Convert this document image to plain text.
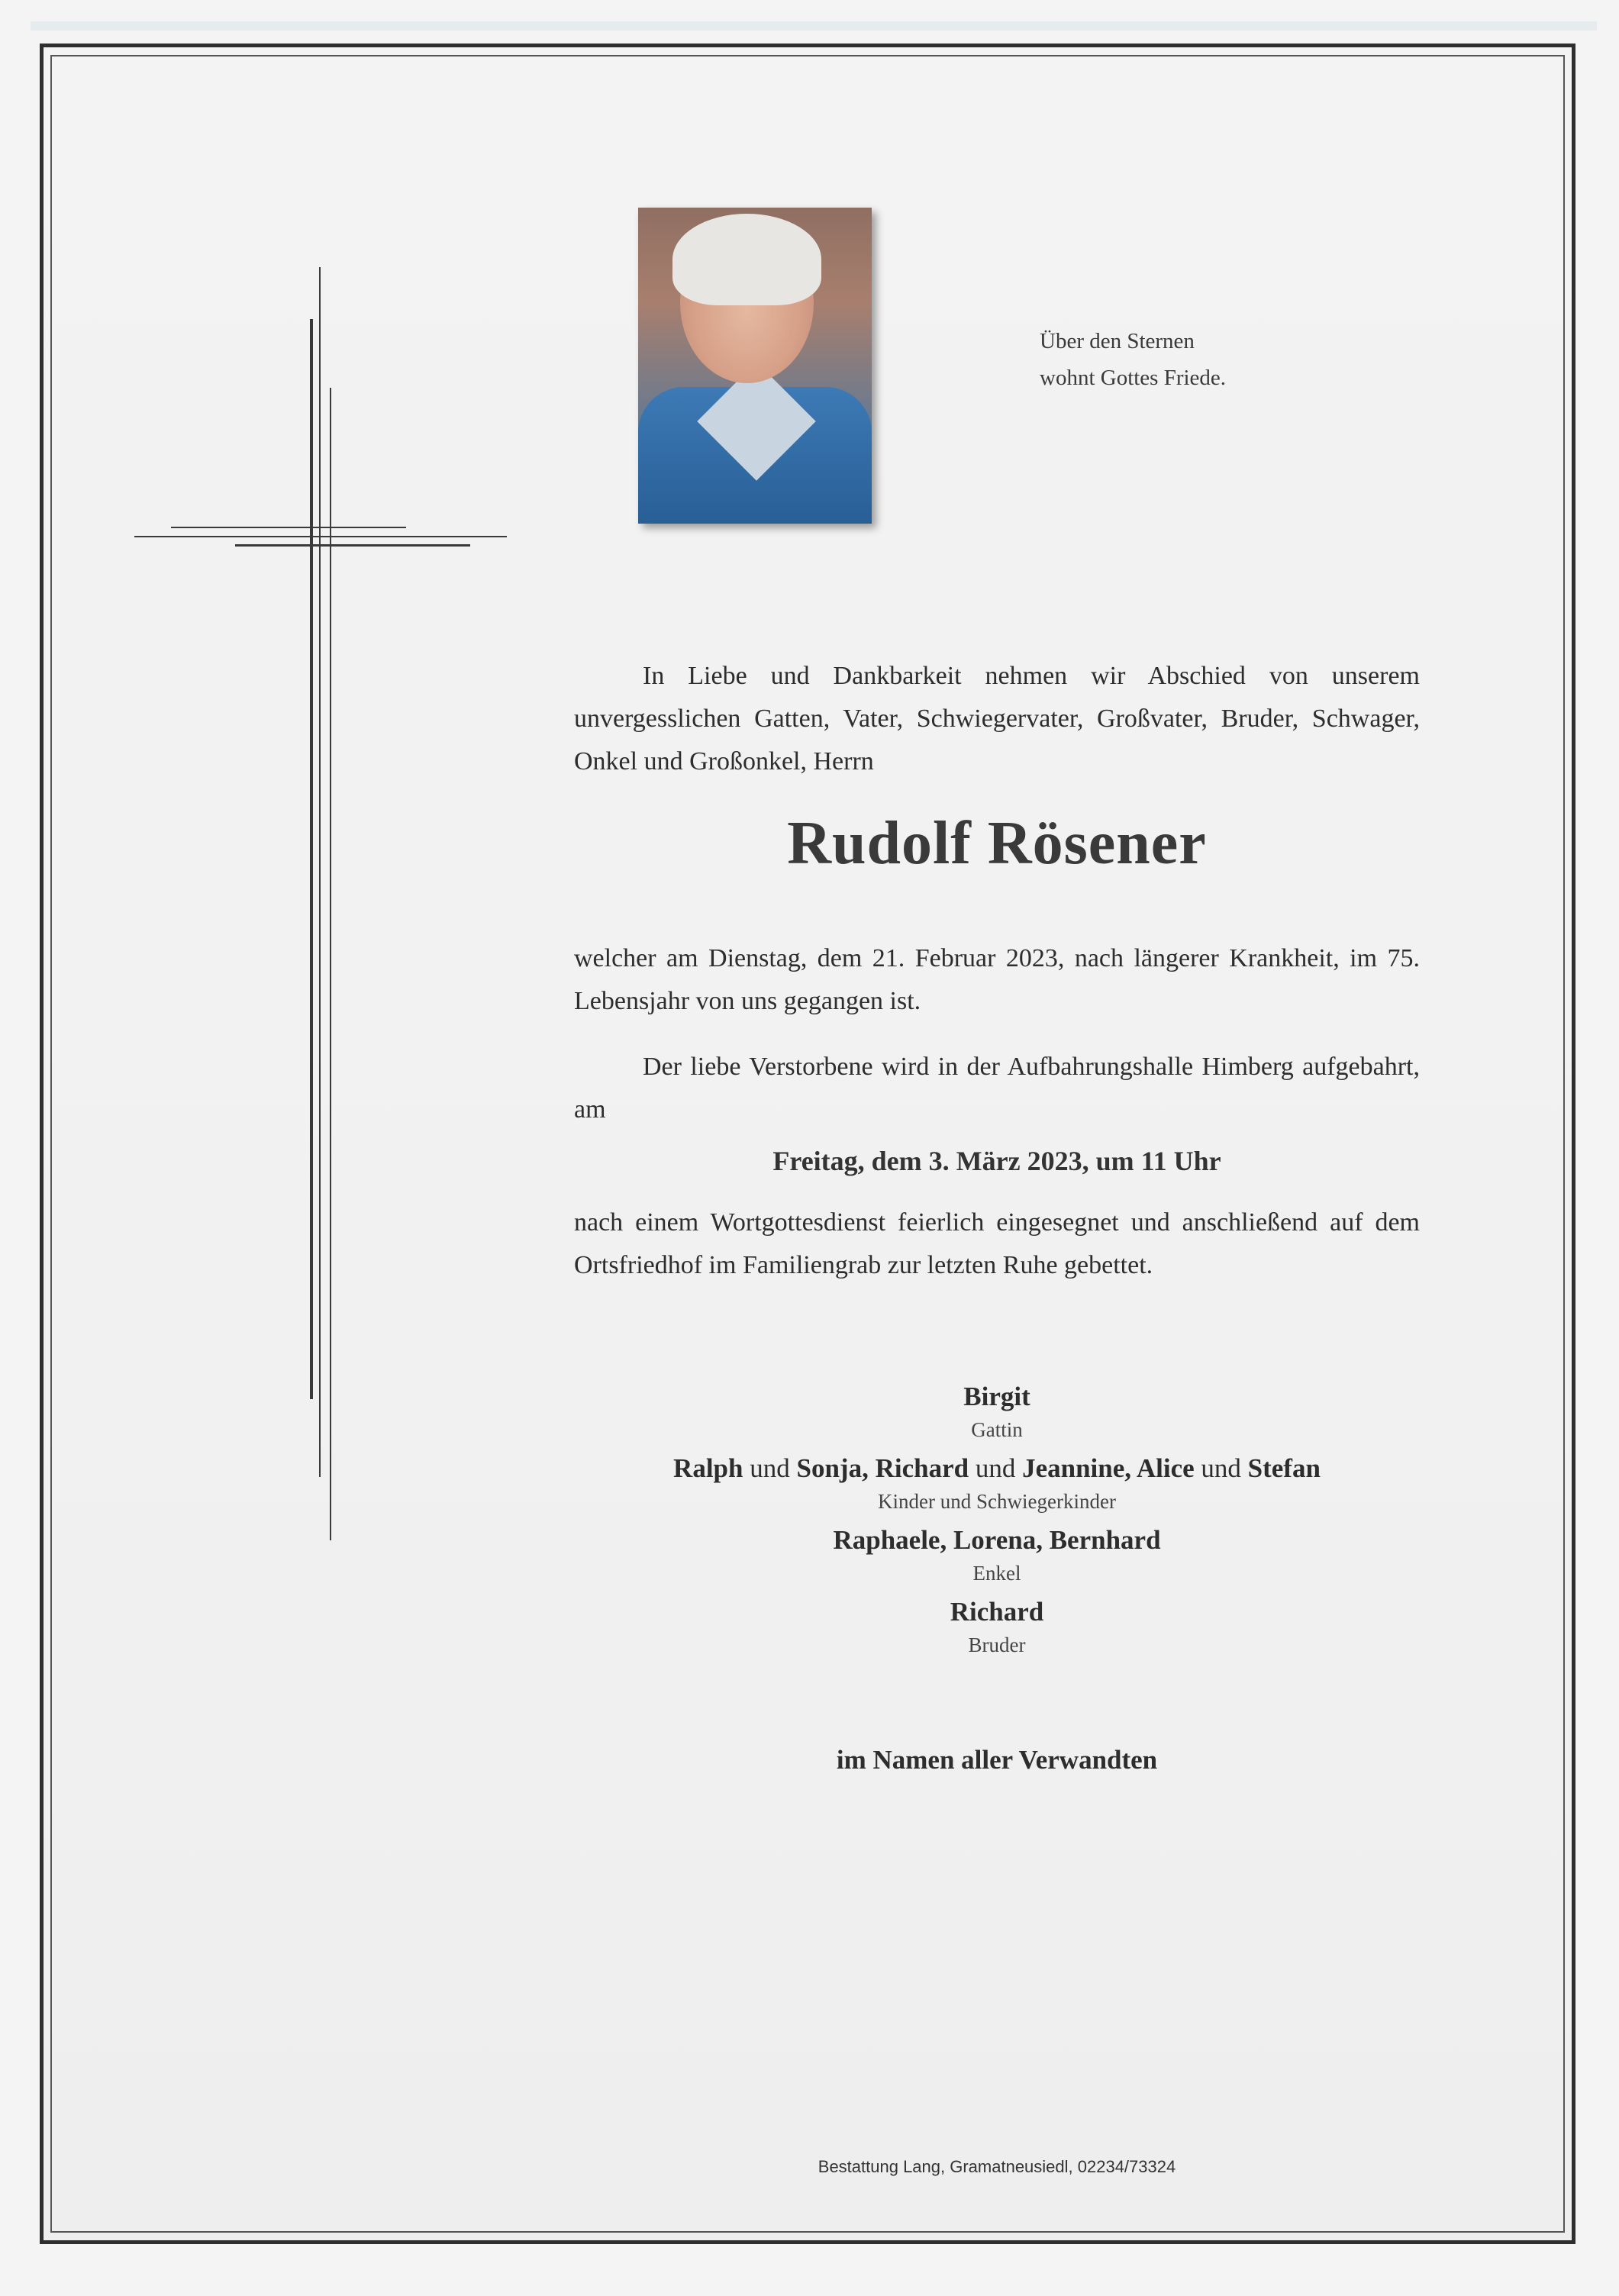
Über den Sternen
wohnt Gottes Friede.
In Liebe und Dankbarkeit nehmen wir Abschied von unserem unvergesslichen Gatten, Vater, Schwiegervater, Großvater, Bruder, Schwager, Onkel und Großonkel, Herrn
Rudolf Rösener
welcher am Dienstag, dem 21. Februar 2023, nach längerer Krankheit, im 75. Lebensjahr von uns gegangen ist.
Der liebe Verstorbene wird in der Aufbahrungshalle Himberg aufgebahrt, am
Freitag, dem 3. März 2023, um 11 Uhr
nach einem Wortgottesdienst feierlich eingesegnet und anschließend auf dem Ortsfriedhof im Familiengrab zur letzten Ruhe gebettet.
Birgit
Gattin
Ralph und Sonja, Richard und Jeannine, Alice und Stefan
Kinder und Schwiegerkinder
Raphaele, Lorena, Bernhard
Enkel
Richard
Bruder
im Namen aller Verwandten
Bestattung Lang, Gramatneusiedl, 02234/73324
